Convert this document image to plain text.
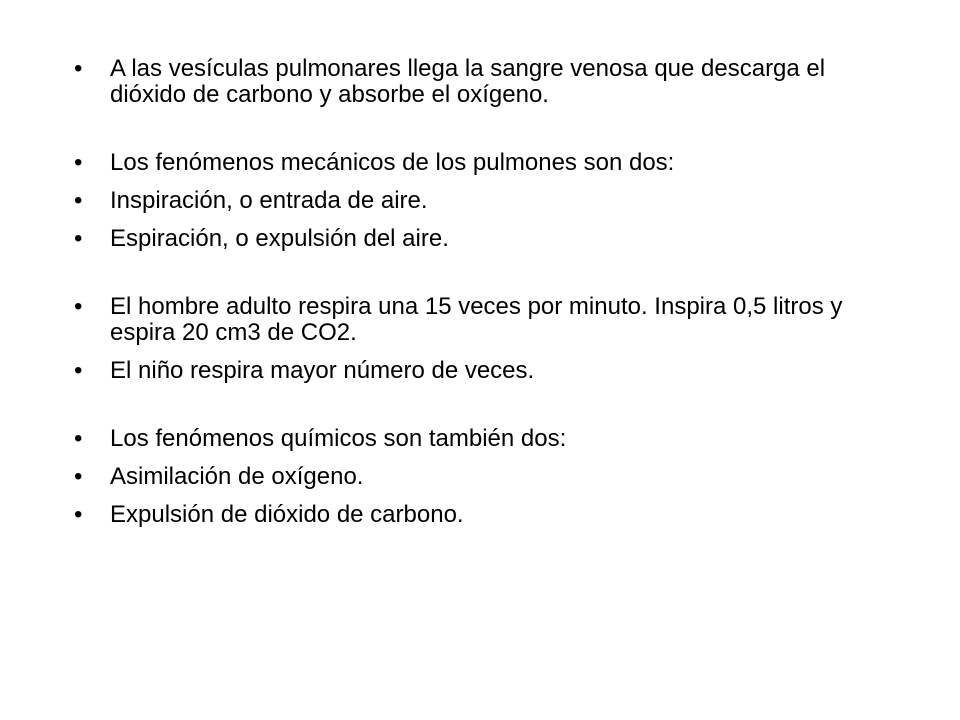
•	A las vesículas pulmonares llega la sangre venosa que descarga el dióxido de carbono y absorbe el oxígeno.
•	Los fenómenos mecánicos de los pulmones son dos:
•	Inspiración, o entrada de aire.
•	Espiración, o expulsión del aire.
•	El hombre adulto respira una 15 veces por minuto. Inspira 0,5 litros y espira 20 cm3 de CO2.
•	El niño respira mayor número de veces.
•	Los fenómenos químicos son también dos:
•	Asimilación de oxígeno.
•	Expulsión de dióxido de carbono.
